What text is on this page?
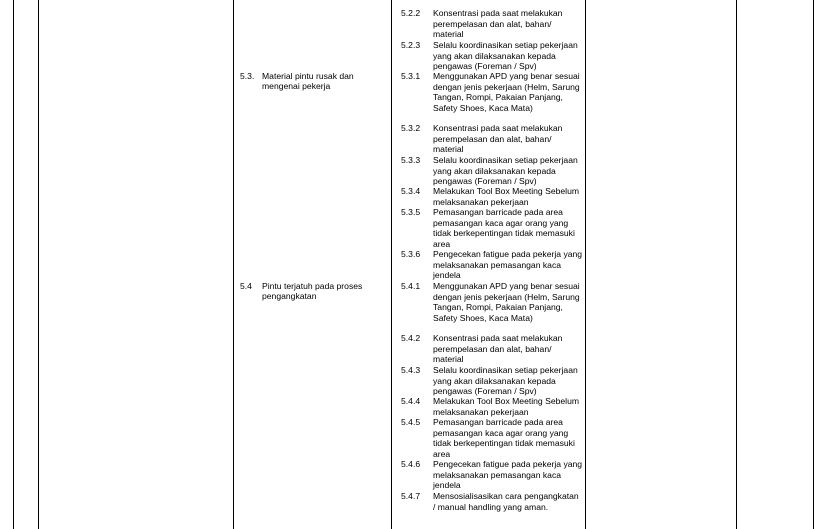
5.3. Material pintu rusak dan mengenai pekerja
5.4 Pintu terjatuh pada proses pengangkatan
5.2.2 Konsentrasi pada saat melakukan perempelasan dan alat, bahan/ material
5.2.3 Selalu koordinasikan setiap pekerjaan yang akan dilaksanakan kepada pengawas (Foreman / Spv)
5.3.1 Menggunakan APD yang benar sesuai dengan jenis pekerjaan (Helm, Sarung Tangan, Rompi, Pakaian Panjang, Safety Shoes, Kaca Mata)
5.3.2 Konsentrasi pada saat melakukan perempelasan dan alat, bahan/ material
5.3.3 Selalu koordinasikan setiap pekerjaan yang akan dilaksanakan kepada pengawas (Foreman / Spv)
5.3.4 Melakukan Tool Box Meeting Sebelum melaksanakan pekerjaan
5.3.5 Pemasangan barricade pada area pemasangan kaca agar orang yang tidak berkepentingan tidak memasuki area
5.3.6 Pengecekan fatigue pada pekerja yang melaksanakan pemasangan kaca jendela
5.4.1 Menggunakan APD yang benar sesuai dengan jenis pekerjaan (Helm, Sarung Tangan, Rompi, Pakaian Panjang, Safety Shoes, Kaca Mata)
5.4.2 Konsentrasi pada saat melakukan perempelasan dan alat, bahan/ material
5.4.3 Selalu koordinasikan setiap pekerjaan yang akan dilaksanakan kepada pengawas (Foreman / Spv)
5.4.4 Melakukan Tool Box Meeting Sebelum melaksanakan pekerjaan
5.4.5 Pemasangan barricade pada area pemasangan kaca agar orang yang tidak berkepentingan tidak memasuki area
5.4.6 Pengecekan fatigue pada pekerja yang melaksanakan pemasangan kaca jendela
5.4.7 Mensosialisasikan cara pengangkatan / manual handling yang aman.
